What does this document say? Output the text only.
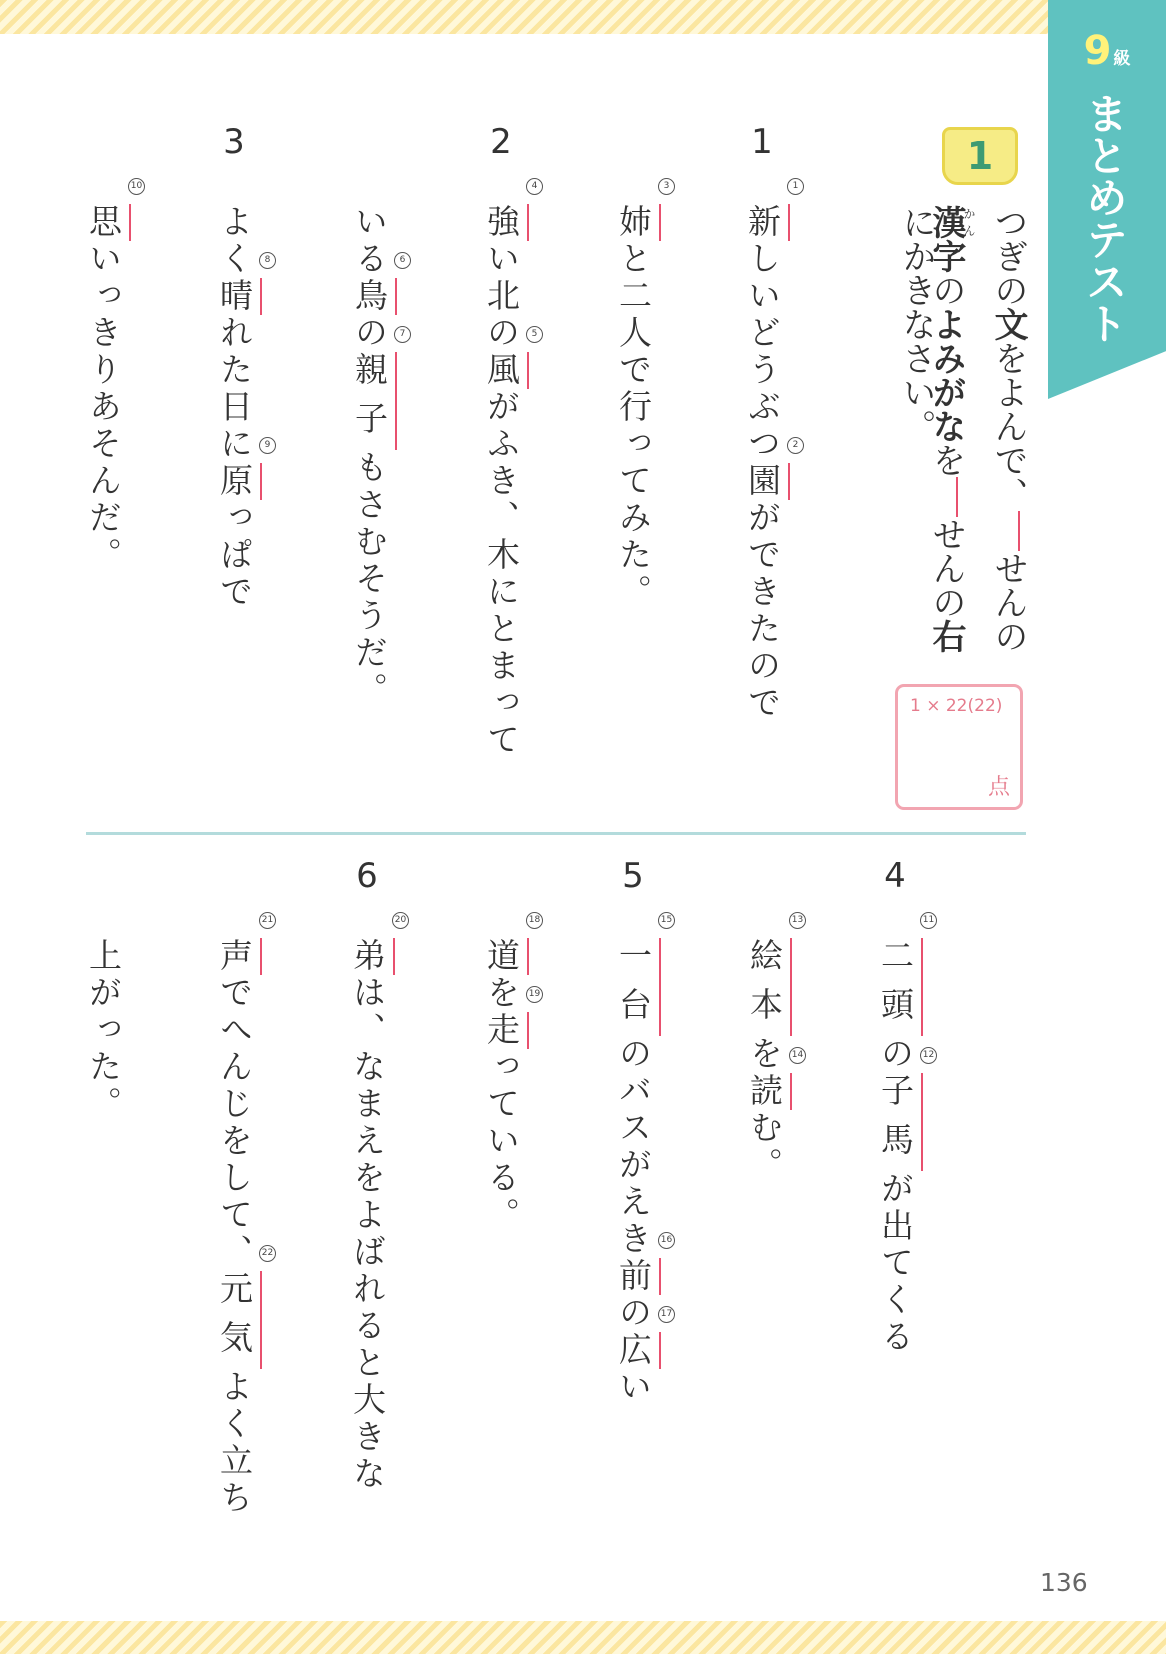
9 級
まとめテスト
1
つぎの文をよんで、せんの
漢かん字のよみがなをせんの右
にかきなさい。
1 × 22(22)
点
1
1
新しいどうぶつ	2
園ができたので
3
姉と二人で行ってみた。
2
4
強い北の	5
風がふき、木にとまって
いる	6
鳥の	7
親子もさむそうだ。
3
よく	8
晴れた日に	9
原っぱで
10
思いっきりあそんだ。
4
11
二頭の 12
子馬が出てくる
13
絵本を 14
読む。
5
15
一台のバスがえき 16
前の 17
広い
18
道を 19
走っている。
6
20
弟は、なまえをよばれると大きな
21
声でへんじをして、 22
元気よく立ち
上がった。
136
